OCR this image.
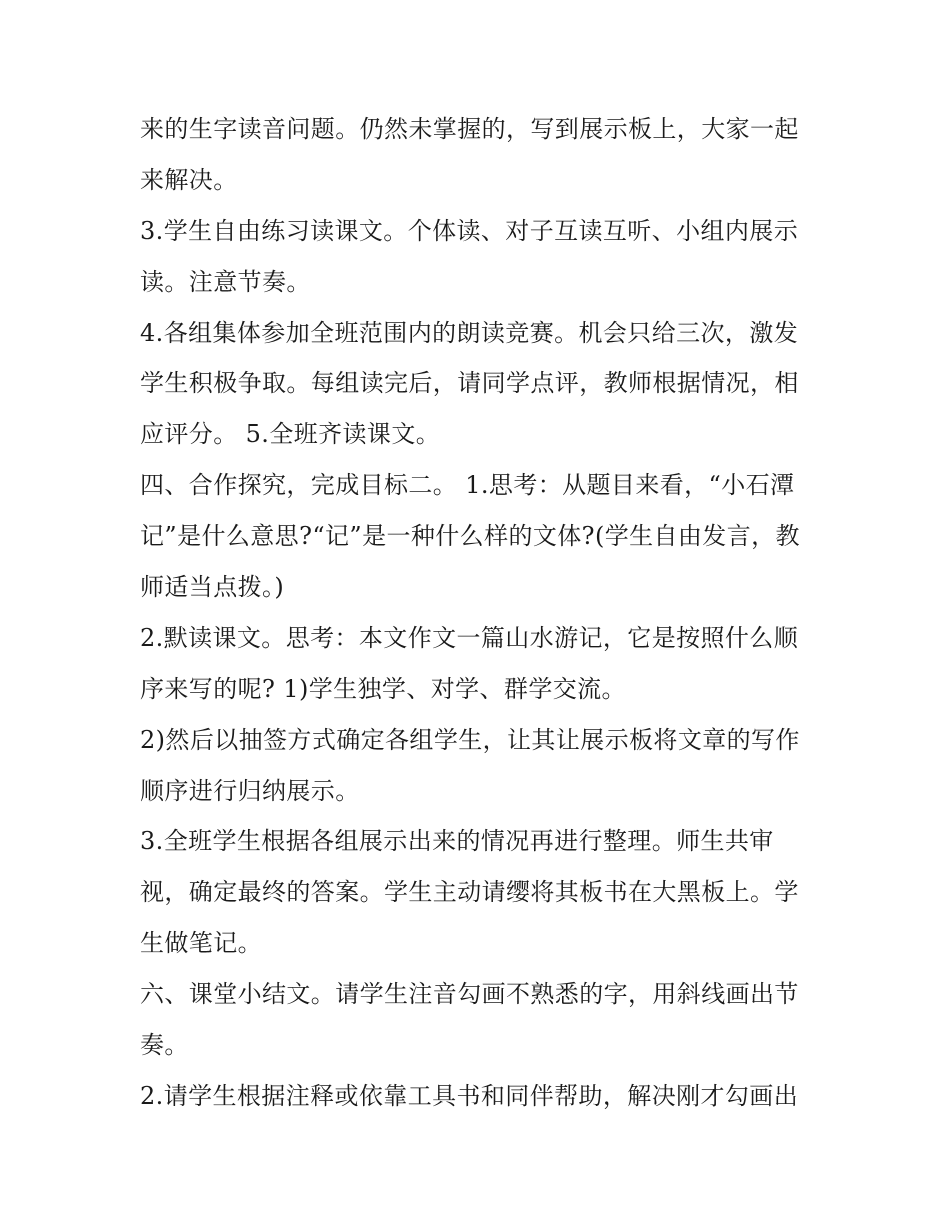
来的生字读音问题。仍然未掌握的，写到展示板上，大家一起
来解决。
3.学生自由练习读课文。个体读、对子互读互听、小组内展示
读。注意节奏。
4.各组集体参加全班范围内的朗读竞赛。机会只给三次，激发
学生积极争取。每组读完后，请同学点评，教师根据情况，相
应评分。 5.全班齐读课文。
四、合作探究，完成目标二。 1.思考：从题目来看，“小石潭
记”是什么意思?“记”是一种什么样的文体?(学生自由发言，教
师适当点拨。)
2.默读课文。思考：本文作文一篇山水游记，它是按照什么顺
序来写的呢? 1)学生独学、对学、群学交流。
2)然后以抽签方式确定各组学生，让其让展示板将文章的写作
顺序进行归纳展示。
3.全班学生根据各组展示出来的情况再进行整理。师生共审
视，确定最终的答案。学生主动请缨将其板书在大黑板上。学
生做笔记。
六、课堂小结文。请学生注音勾画不熟悉的字，用斜线画出节
奏。
2.请学生根据注释或依靠工具书和同伴帮助，解决刚才勾画出
